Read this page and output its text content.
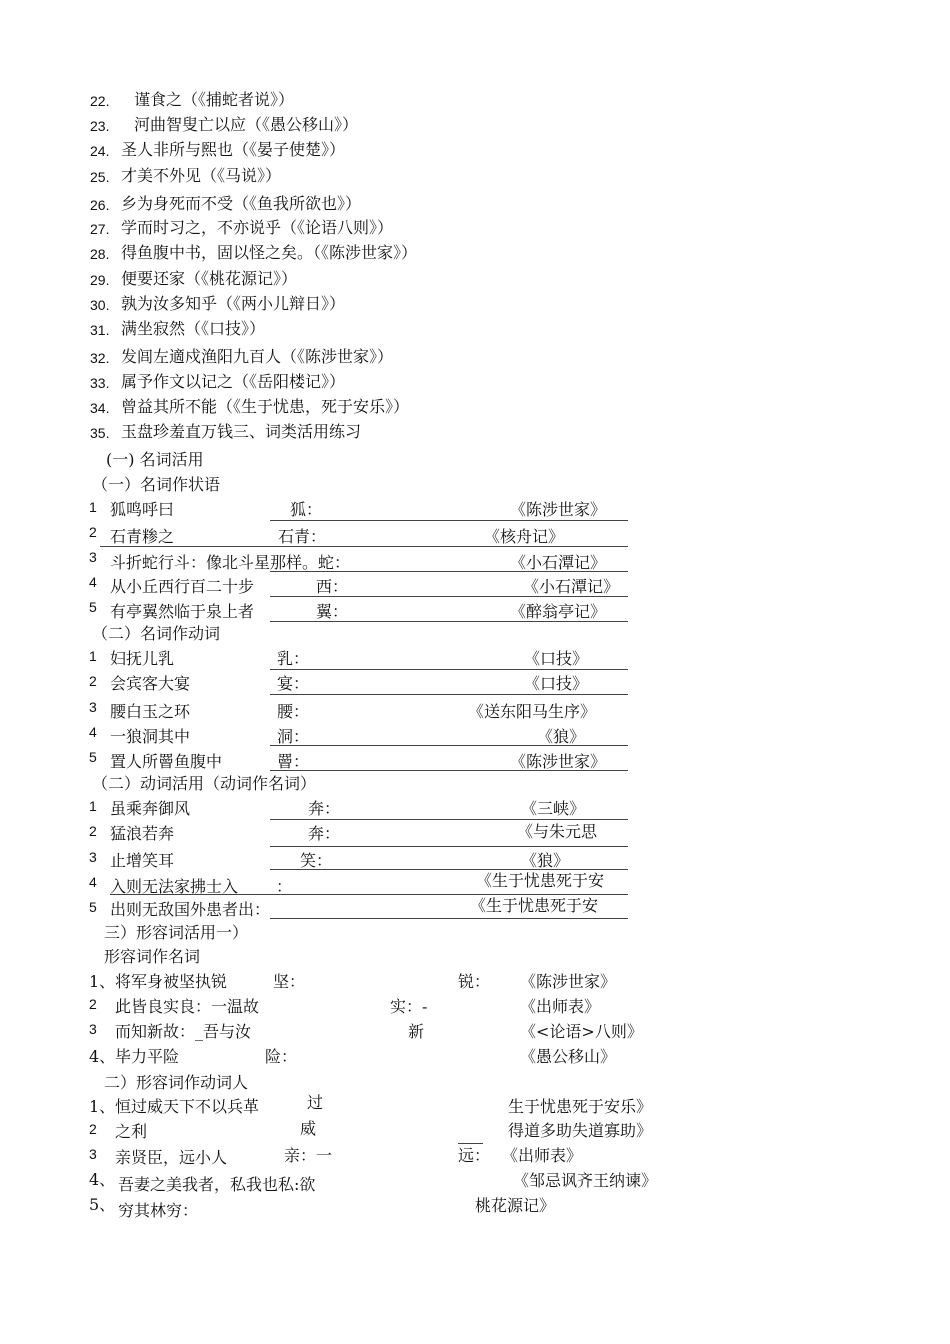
22. 谨食之（《捕蛇者说》）
23. 河曲智叟亡以应（《愚公移山》）
24. 圣人非所与熙也（《晏子使楚》）
25. 才美不外见（《马说》）
26. 乡为身死而不受（《鱼我所欲也》）
27. 学而时习之，不亦说乎（《论语八则》）
28. 得鱼腹中书，固以怪之矣。（《陈涉世家》）
29. 便要还家（《桃花源记》）
30. 孰为汝多知乎（《两小儿辩日》）
31. 满坐寂然（《口技》）
32. 发闾左適戍渔阳九百人（《陈涉世家》）
33. 属予作文以记之（《岳阳楼记》）
34. 曾益其所不能（《生于忧患，死于安乐》）
35. 玉盘珍羞直万钱三、词类活用练习
(一) 名词活用
（一）名词作状语
1 狐鸣呼曰	狐：	《陈涉世家》
2 石青糁之	石青：	《核舟记》
3 斗折蛇行斗：像北斗星那样。蛇：	《小石潭记》
4 从小丘西行百二十步	西：	《小石潭记》
5 有亭翼然临于泉上者	翼：	《醉翁亭记》
（二）名词作动词
1 妇抚儿乳	乳：	《口技》
2 会宾客大宴	宴：	《口技》
3 腰白玉之环	腰：	《送东阳马生序》
4 一狼洞其中	洞：	《狼》
5 置人所罾鱼腹中	罾：	《陈涉世家》
（二）动词活用（动词作名词）
1 虽乘奔御风	奔：	《三峡》
2 猛浪若奔	奔：	《与朱元思
3 止增笑耳	笑：	《狼》
4 入则无法家拂士入 ：	《生于忧患死于安
5 出则无敌国外患者出：	《生于忧患死于安
三）形容词活用一）
形容词作名词
1、 将军身被坚执锐	坚：	锐： 《陈涉世家》
2 此皆良实良：一温故	实：-	《出师表》
3 而知新故：_吾与汝	新	《<论语>八则》
4、 毕力平险	险：	《愚公移山》
二）形容词作动词人
1、 恒过威天下不以兵革	过	生于忧患死于安乐》
2 之利	威	得道多助失道寡助》
3 亲贤臣，远小人	亲：一	远： 《出师表》
4、 吾妻之美我者，私我也私:欲	《邹忌讽齐王纳谏》
5、 穷其林穷：	桃花源记》
